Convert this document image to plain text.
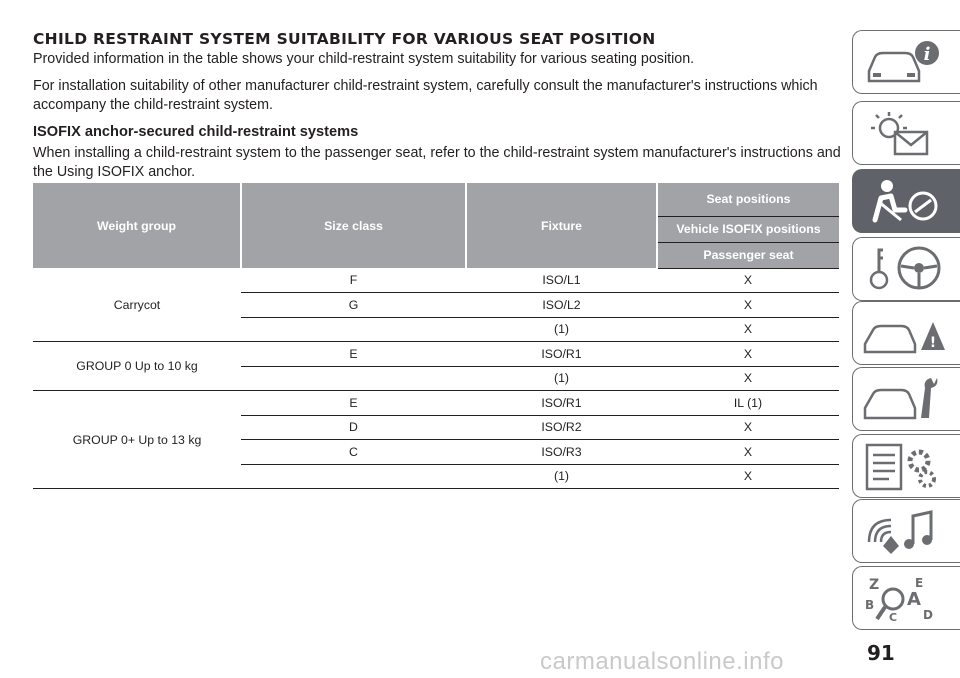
CHILD RESTRAINT SYSTEM SUITABILITY FOR VARIOUS SEAT POSITION

Provided information in the table shows your child-restraint system suitability for various seating position.

For installation suitability of other manufacturer child-restraint system, carefully consult the manufacturer's instructions which accompany the child-restraint system.

ISOFIX anchor-secured child-restraint systems

When installing a child-restraint system to the passenger seat, refer to the child-restraint system manufacturer's instructions and the Using ISOFIX anchor.

Weight group	Size class	Fixture	Seat positions
			Vehicle ISOFIX positions
			Passenger seat
Carrycot	F	ISO/L1	X
	G	ISO/L2	X
		(1)	X
GROUP 0 Up to 10 kg	E	ISO/R1	X
		(1)	X
GROUP 0+ Up to 13 kg	E	ISO/R1	IL (1)
	D	ISO/R2	X
	C	ISO/R3	X
		(1)	X
i
!
Z	E
B A
D
C
91
carmanualsonline.info
